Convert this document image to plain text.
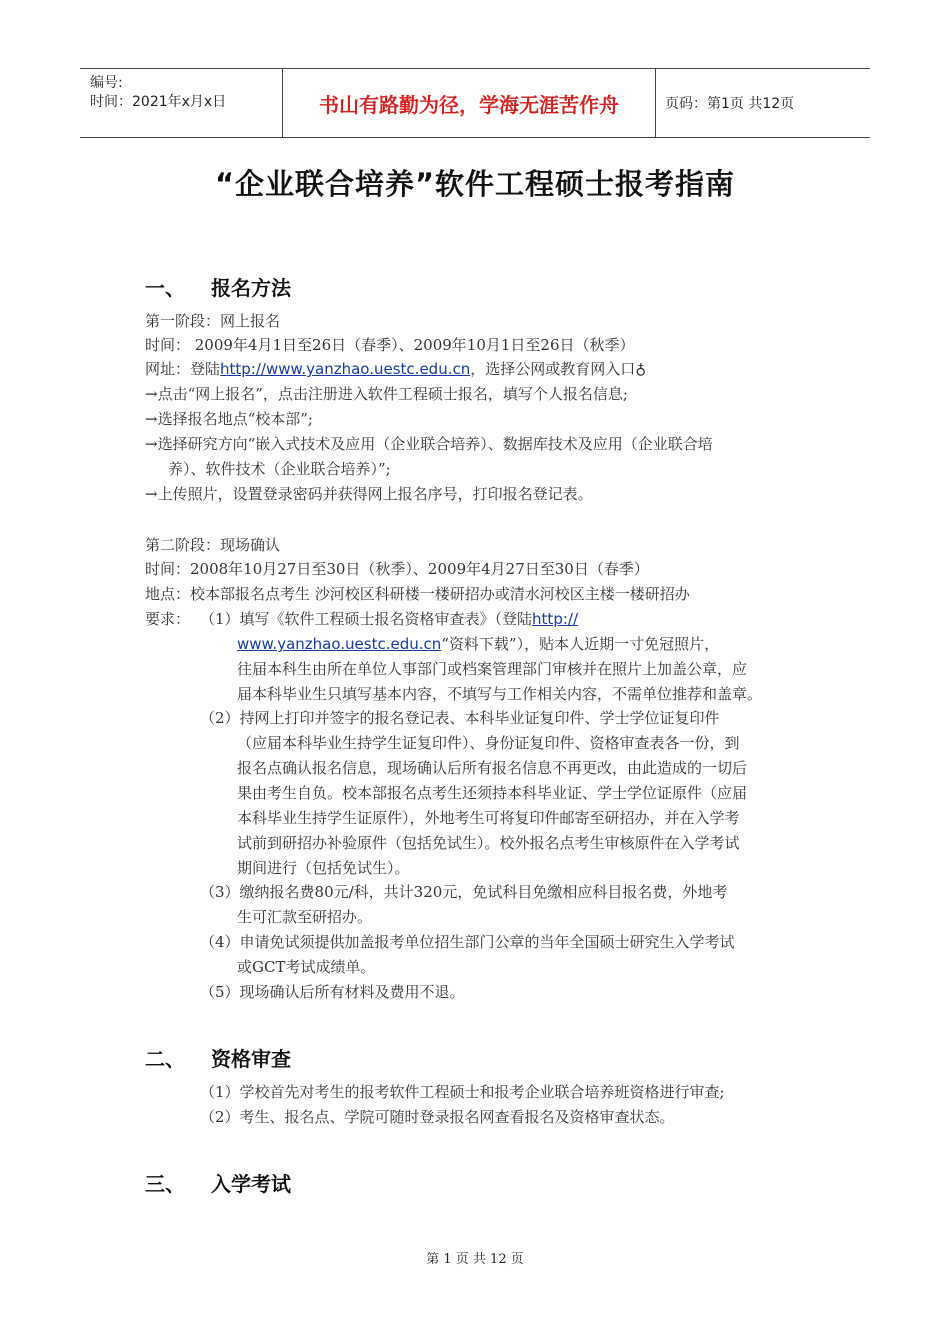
编号:
时间：2021年x月x日	书山有路勤为径，学海无涯苦作舟	页码：第1页 共12页
“企业联合培养”软件工程硕士报考指南
一、 报名方法
第一阶段：网上报名
时间： 2009年4月1日至26日（春季）、2009年10月1日至26日（秋季）
网址：登陆http://www.yanzhao.uestc.edu.cn，选择公网或教育网入口♁
→点击“网上报名”，点击注册进入软件工程硕士报名，填写个人报名信息;
→选择报名地点“校本部”;
→选择研究方向“嵌入式技术及应用（企业联合培养）、数据库技术及应用（企业联合培
养）、软件技术（企业联合培养）”;
→上传照片，设置登录密码并获得网上报名序号，打印报名登记表。
第二阶段：现场确认
时间：2008年10月27日至30日（秋季）、2009年4月27日至30日（春季）
地点：校本部报名点考生 沙河校区科研楼一楼研招办或清水河校区主楼一楼研招办
要求： （1）填写《软件工程硕士报名资格审查表》（登陆http://
www.yanzhao.uestc.edu.cn“资料下载”），贴本人近期一寸免冠照片，
往届本科生由所在单位人事部门或档案管理部门审核并在照片上加盖公章，应
届本科毕业生只填写基本内容，不填写与工作相关内容，不需单位推荐和盖章。
（2）持网上打印并签字的报名登记表、本科毕业证复印件、学士学位证复印件
（应届本科毕业生持学生证复印件）、身份证复印件、资格审查表各一份，到
报名点确认报名信息，现场确认后所有报名信息不再更改，由此造成的一切后
果由考生自负。校本部报名点考生还须持本科毕业证、学士学位证原件（应届
本科毕业生持学生证原件），外地考生可将复印件邮寄至研招办，并在入学考
试前到研招办补验原件（包括免试生）。校外报名点考生审核原件在入学考试
期间进行（包括免试生）。
（3）缴纳报名费80元/科，共计320元，免试科目免缴相应科目报名费，外地考
生可汇款至研招办。
（4）申请免试须提供加盖报考单位招生部门公章的当年全国硕士研究生入学考试
或GCT考试成绩单。
（5）现场确认后所有材料及费用不退。
二、 资格审查
（1）学校首先对考生的报考软件工程硕士和报考企业联合培养班资格进行审查;
（2）考生、报名点、学院可随时登录报名网查看报名及资格审查状态。
三、 入学考试
第 1 页 共 12 页
